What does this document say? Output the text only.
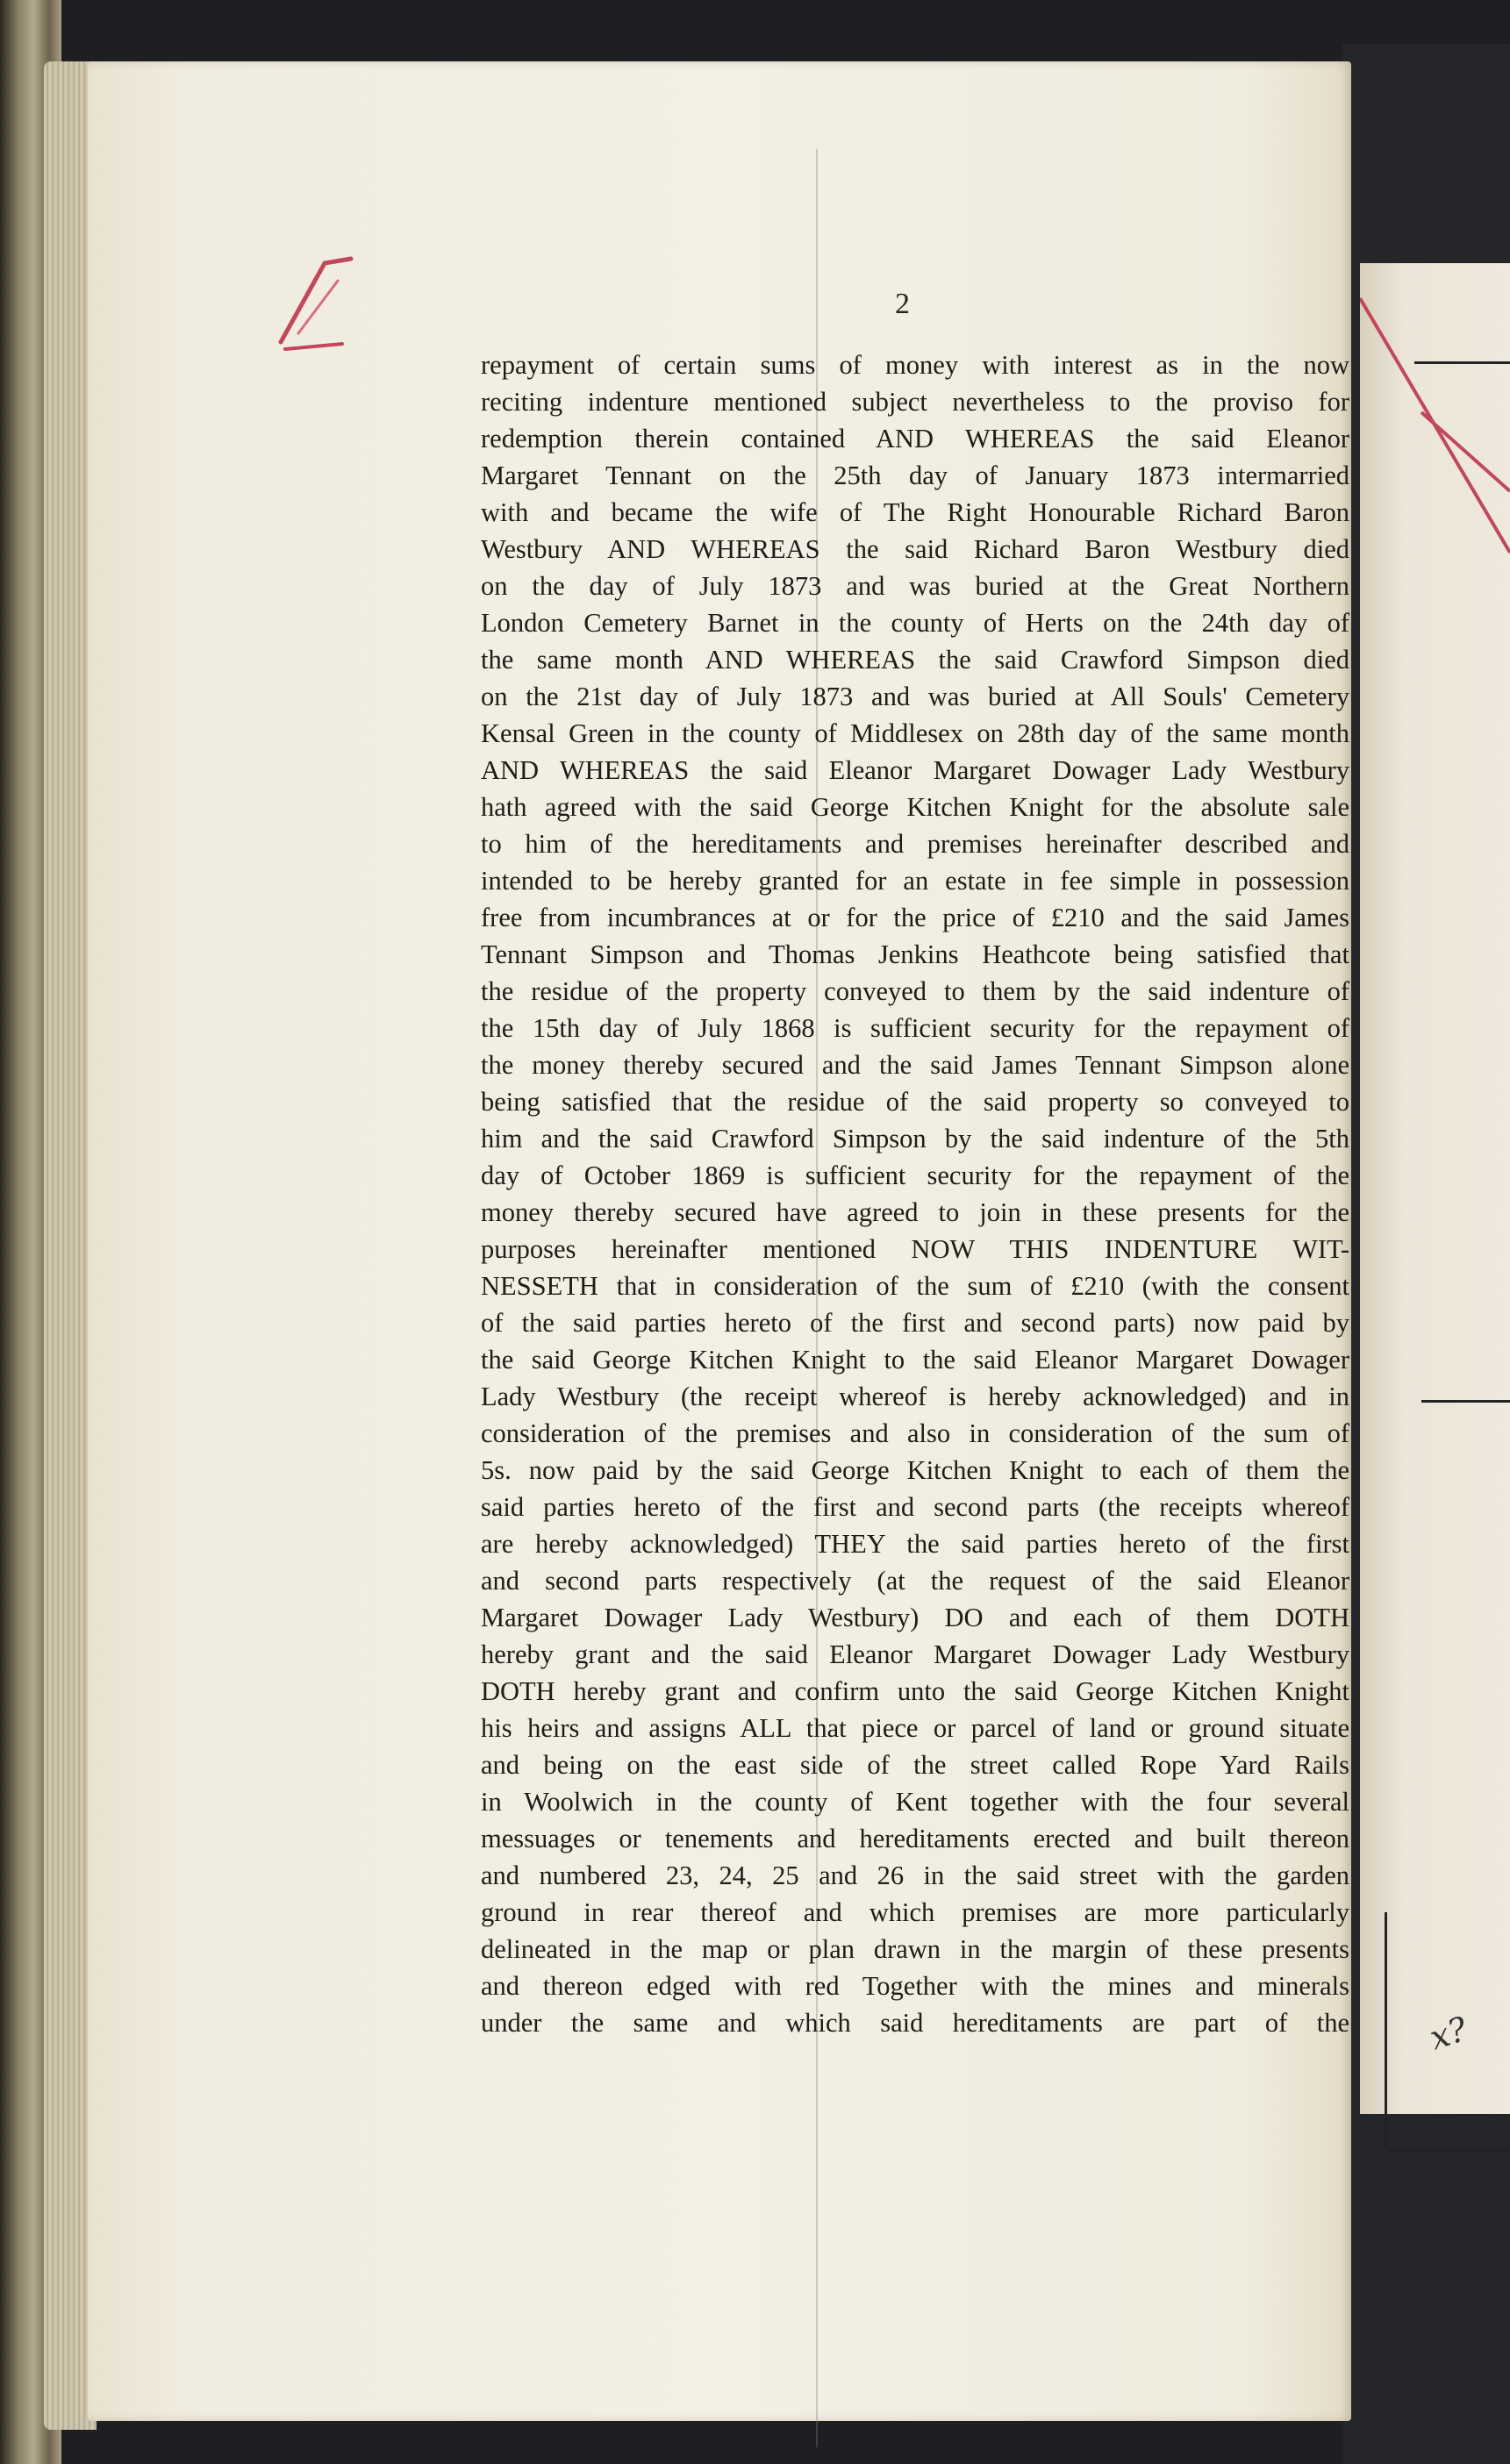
x?
2
repayment of certain sums of money with interest as in the now
reciting indenture mentioned subject nevertheless to the proviso for
redemption therein contained AND WHEREAS the said Eleanor
Margaret Tennant on the 25th day of January 1873 intermarried
with and became the wife of The Right Honourable Richard Baron
Westbury AND WHEREAS the said Richard Baron Westbury died
on the day of July 1873 and was buried at the Great Northern
London Cemetery Barnet in the county of Herts on the 24th day of
the same month AND WHEREAS the said Crawford Simpson died
on the 21st day of July 1873 and was buried at All Souls' Cemetery
Kensal Green in the county of Middlesex on 28th day of the same month
AND WHEREAS the said Eleanor Margaret Dowager Lady Westbury
hath agreed with the said George Kitchen Knight for the absolute sale
to him of the hereditaments and premises hereinafter described and
intended to be hereby granted for an estate in fee simple in possession
free from incumbrances at or for the price of £210 and the said James
Tennant Simpson and Thomas Jenkins Heathcote being satisfied that
the residue of the property conveyed to them by the said indenture of
the 15th day of July 1868 is sufficient security for the repayment of
the money thereby secured and the said James Tennant Simpson alone
being satisfied that the residue of the said property so conveyed to
him and the said Crawford Simpson by the said indenture of the 5th
day of October 1869 is sufficient security for the repayment of the
money thereby secured have agreed to join in these presents for the
purposes hereinafter mentioned NOW THIS INDENTURE WIT-
NESSETH that in consideration of the sum of £210 (with the consent
of the said parties hereto of the first and second parts) now paid by
the said George Kitchen Knight to the said Eleanor Margaret Dowager
Lady Westbury (the receipt whereof is hereby acknowledged) and in
consideration of the premises and also in consideration of the sum of
5s. now paid by the said George Kitchen Knight to each of them the
said parties hereto of the first and second parts (the receipts whereof
are hereby acknowledged) THEY the said parties hereto of the first
and second parts respectively (at the request of the said Eleanor
Margaret Dowager Lady Westbury) DO and each of them DOTH
hereby grant and the said Eleanor Margaret Dowager Lady Westbury
DOTH hereby grant and confirm unto the said George Kitchen Knight
his heirs and assigns ALL that piece or parcel of land or ground situate
and being on the east side of the street called Rope Yard Rails
in Woolwich in the county of Kent together with the four several
messuages or tenements and hereditaments erected and built thereon
and numbered 23, 24, 25 and 26 in the said street with the garden
ground in rear thereof and which premises are more particularly
delineated in the map or plan drawn in the margin of these presents
and thereon edged with red Together with the mines and minerals
under the same and which said hereditaments are part of the
